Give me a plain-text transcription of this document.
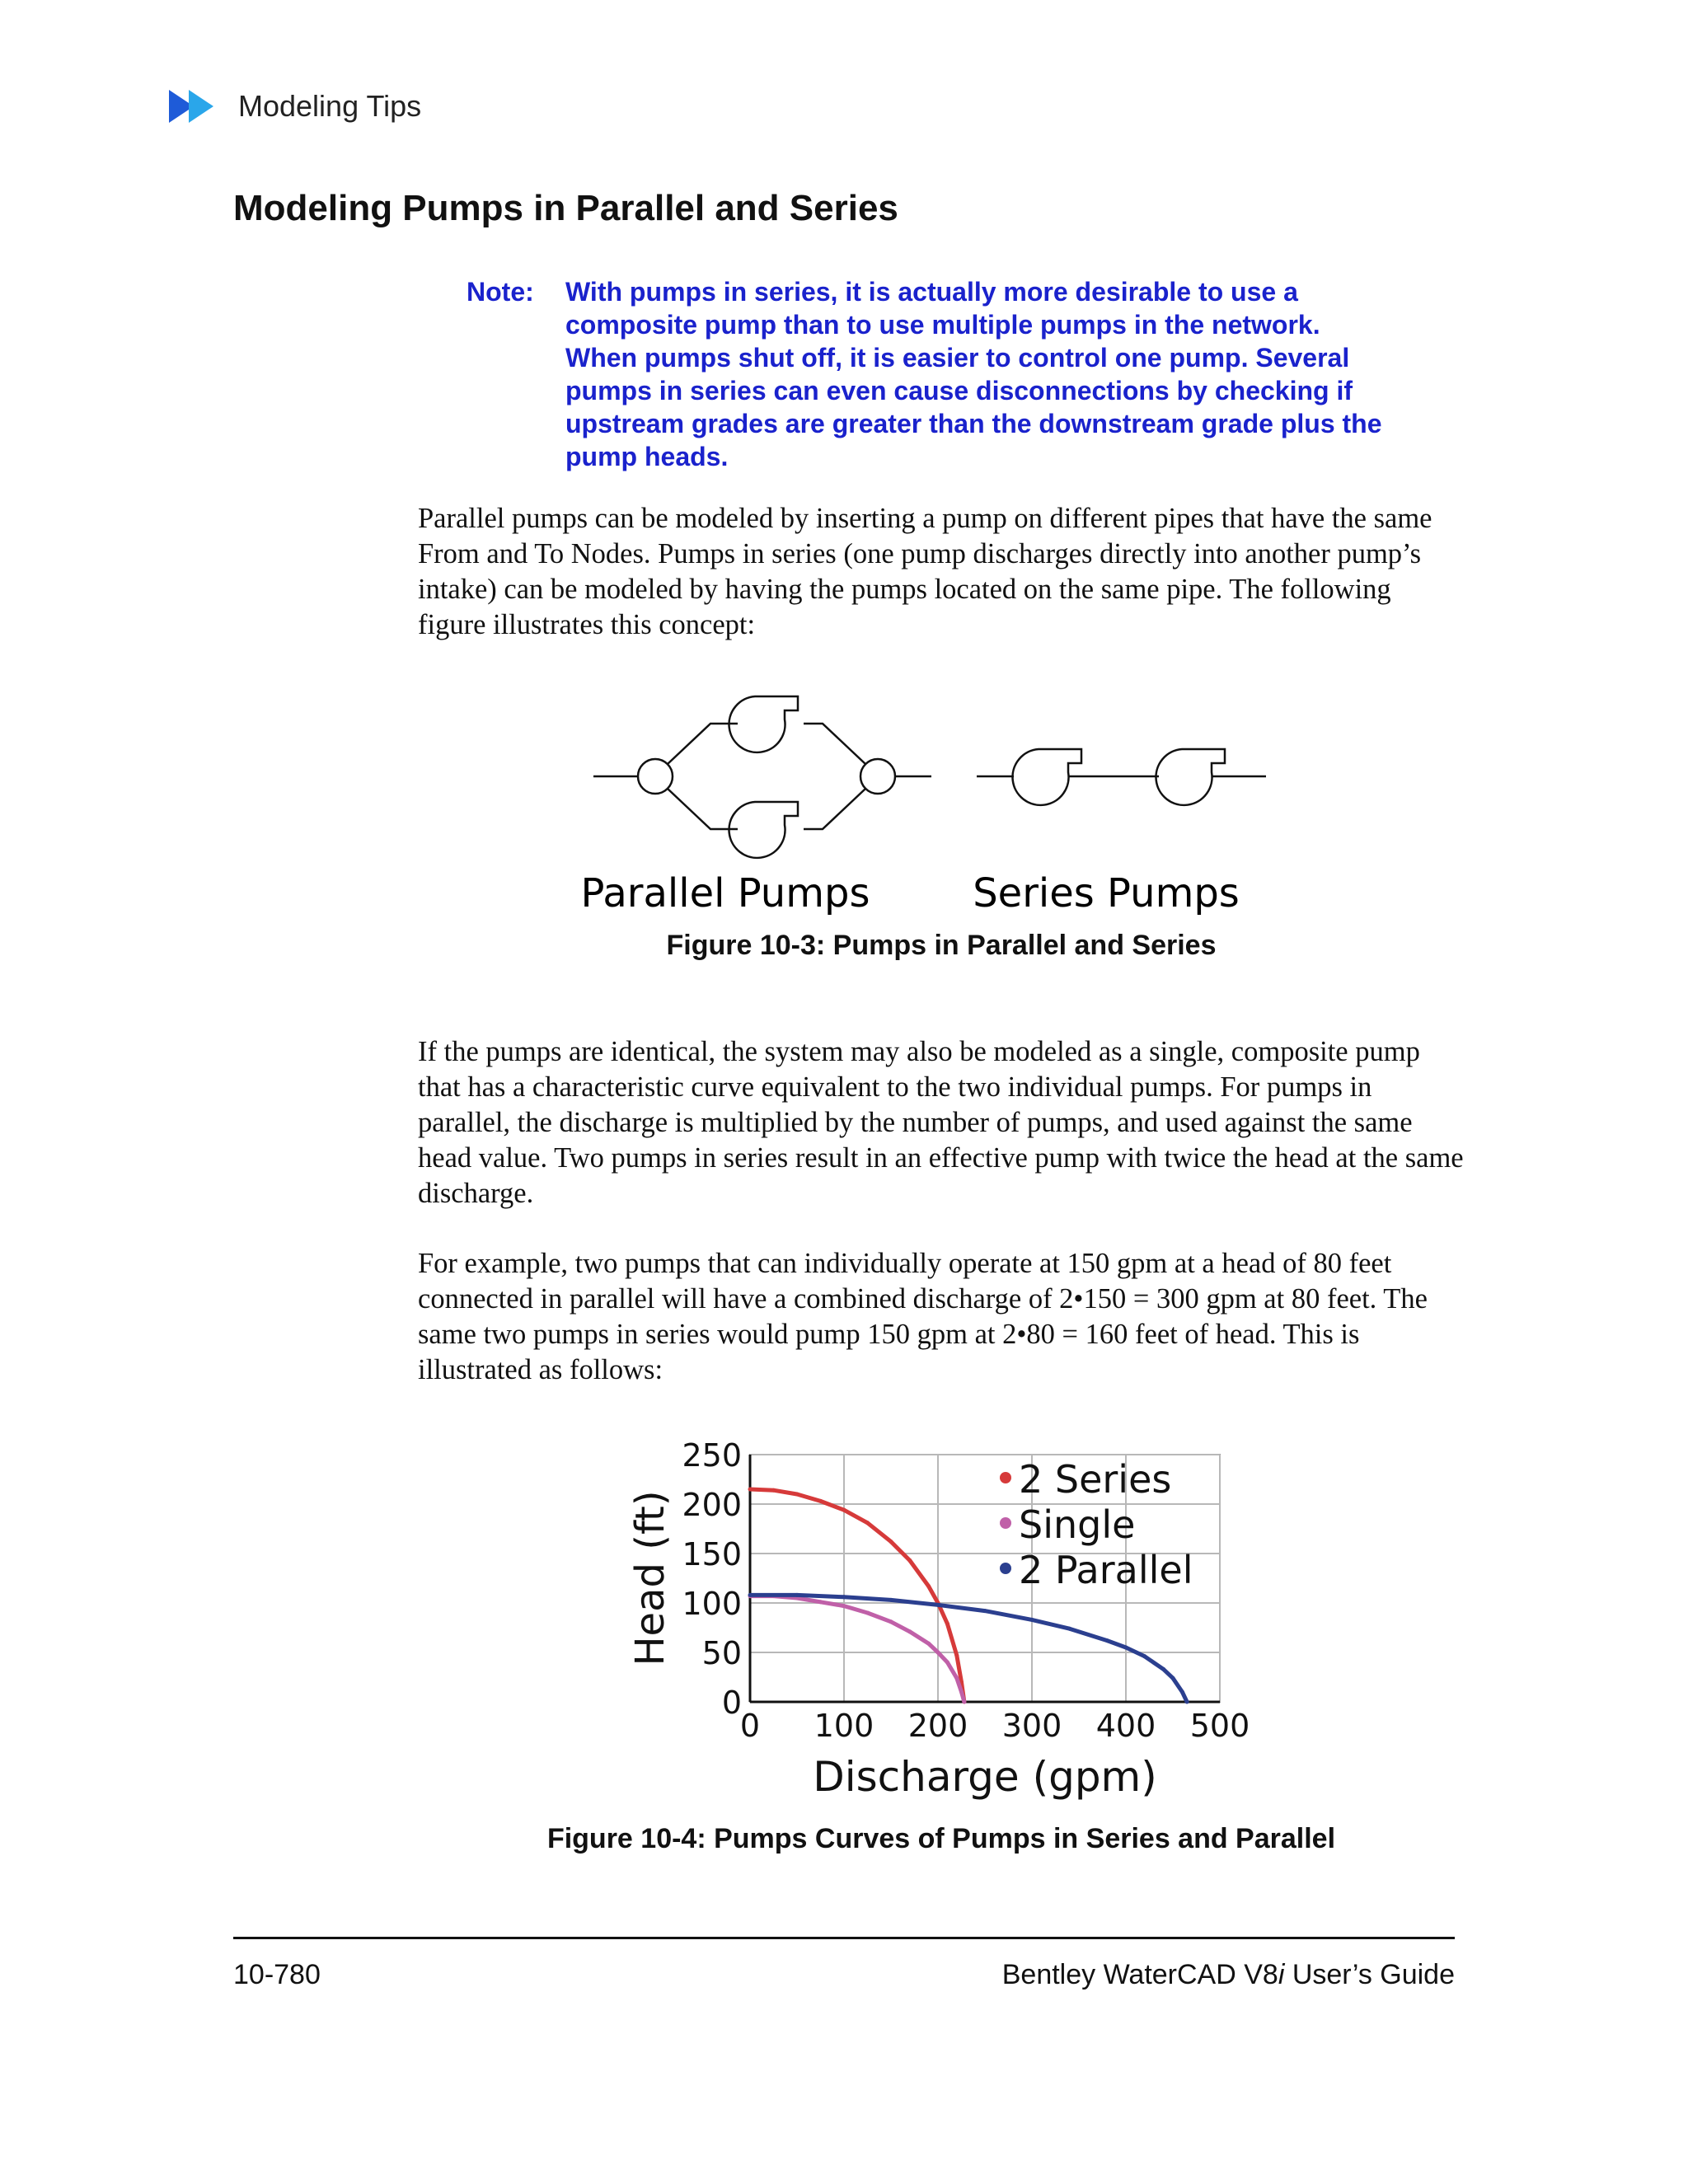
Modeling Tips
Modeling Pumps in Parallel and Series
Note:	With pumps in series, it is actually more desirable to use a composite pump than to use multiple pumps in the network. When pumps shut off, it is easier to control one pump. Several pumps in series can even cause disconnections by checking if upstream grades are greater than the downstream grade plus the pump heads.

Parallel pumps can be modeled by inserting a pump on different pipes that have the same From and To Nodes. Pumps in series (one pump discharges directly into another pump’s intake) can be modeled by having the pumps located on the same pipe. The following figure illustrates this concept:

Parallel Pumps	Series Pumps
Figure 10-3: Pumps in Parallel and Series

If the pumps are identical, the system may also be modeled as a single, composite pump that has a characteristic curve equivalent to the two individual pumps. For pumps in parallel, the discharge is multiplied by the number of pumps, and used against the same head value. Two pumps in series result in an effective pump with twice the head at the same discharge.

For example, two pumps that can individually operate at 150 gpm at a head of 80 feet connected in parallel will have a combined discharge of 2•150 = 300 gpm at 80 feet. The same two pumps in series would pump 150 gpm at 2•80 = 160 feet of head. This is illustrated as follows:

0 100 200 300 400 500
0
50
100
150
200
250
Discharge (gpm)
Head (ft)
2 Series
Single
2 Parallel
Figure 10-4: Pumps Curves of Pumps in Series and Parallel
10-780	Bentley WaterCAD V8i User’s Guide
